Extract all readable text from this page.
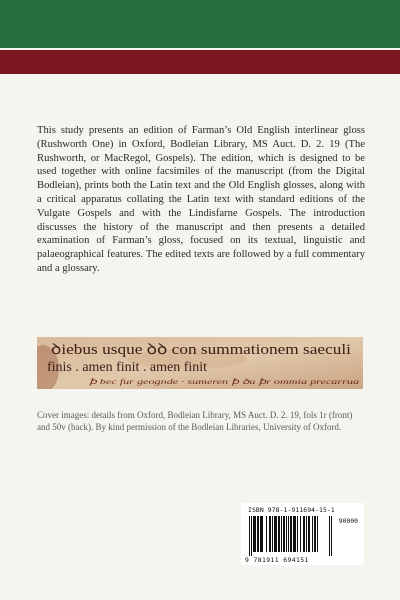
This study presents an edition of Farman’s Old English interlinear gloss (Rushworth One) in Oxford, Bodleian Library, MS Auct. D. 2. 19 (The Rushworth, or MacRegol, Gospels). The edition, which is designed to be used together with online facsimiles of the manuscript (from the Digital Bodleian), prints both the Latin text and the Old English glosses, along with a critical apparatus collating the Latin text with standard editions of the Vulgate Gospels and with the Lindisfarne Gospels. The introduction discusses the history of the manuscript and then presents a detailed examination of Farman’s gloss, focused on its textual, linguistic and palaeographical features. The edited texts are followed by a full commentary and a glossary.

ꝺiebus usque ꝺꝺ con summationem saeculi
finis . amen finit . amen finit
ꝥ bec fur geognde · sumeren ꝥ ꝺu ꝥr ommia precarrua

Cover images: details from Oxford, Bodleian Library, MS Auct. D. 2. 19, fols 1r (front) and 50v (back). By kind permission of the Bodleian Libraries, University of Oxford.

ISBN 978-1-911694-15-1
90000
9 781911 694151
